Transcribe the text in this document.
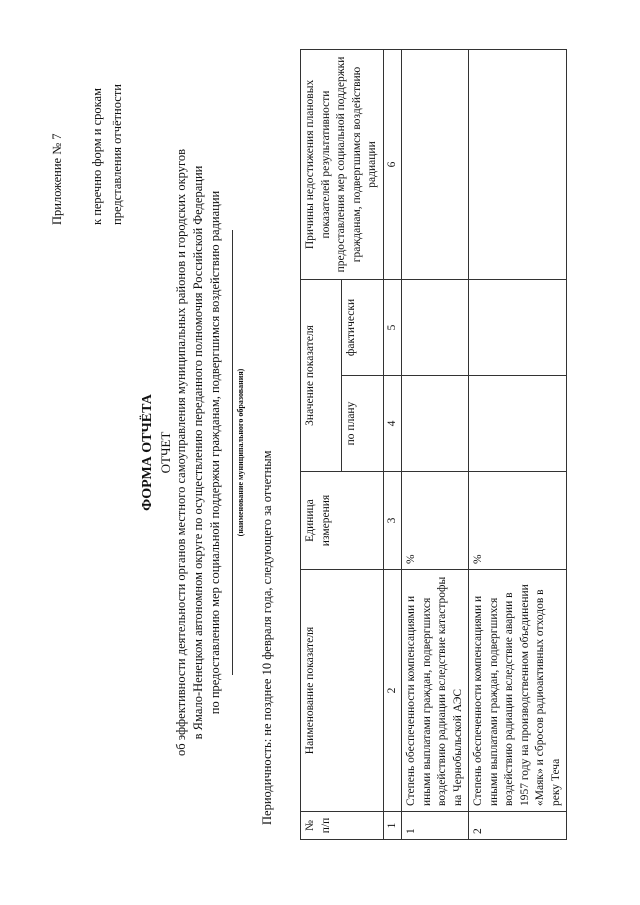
Приложение № 7 к перечню форм и срокам представления отчётности
ФОРМА ОТЧЁТА ОТЧЕТ об эффективности деятельности органов местного самоуправления муниципальных районов и городских округов в Ямало-Ненецком автономном округе по осуществлению переданного полномочия Российской Федерации по предоставлению мер социальной поддержки гражданам, подвергшимся воздействию радиации (наименование муниципального образования) Периодичность: не позднее 10 февраля года, следующего за отчетным
№ п/п	Наименование показателя	Единица измерения	Значение показателя		Причины недостижения плановых показателей результативности предоставления мер социальной поддержки гражданам, подвергшимся воздействию радиации
			по плану	фактически	
1	2	3	4	5	6
1	Степень обеспеченности компенсациями и иными выплатами граждан, подвергшихся воздействию радиации вследствие катастрофы на Чернобыльской АЭС	%			
2	Степень обеспеченности компенсациями и иными выплатами граждан, подвергшихся воздействию радиации вследствие аварии в 1957 году на производственном объединении «Маяк» и сбросов радиоактивных отходов в реку Теча	%			
